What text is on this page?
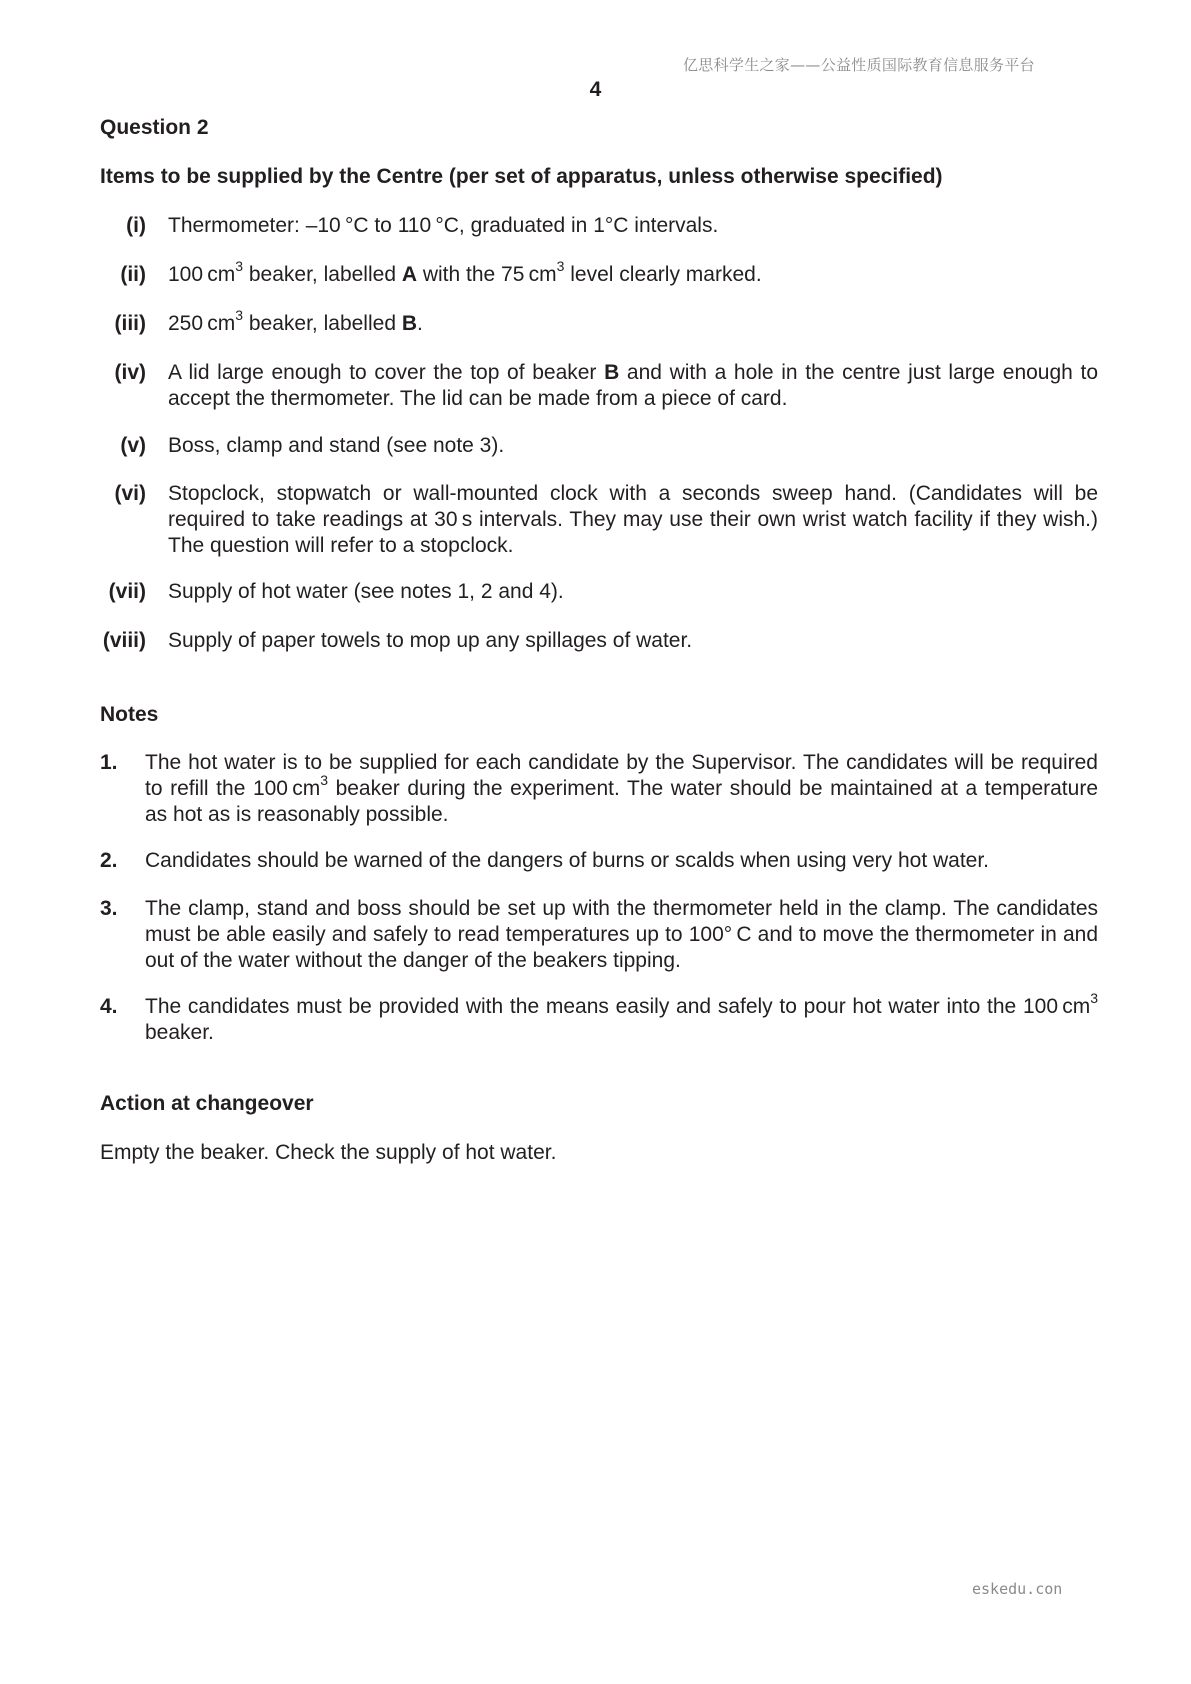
亿思科学生之家——公益性质国际教育信息服务平台
4
Question 2
Items to be supplied by the Centre (per set of apparatus, unless otherwise specified)
(i) Thermometer: –10 °C to 110 °C, graduated in 1°C intervals.
(ii) 100 $cm^3$ beaker, labelled A with the 75 $cm^3$ level clearly marked.
(iii) 250 $cm^3$ beaker, labelled B.
(iv) A lid large enough to cover the top of beaker B and with a hole in the centre just large enough to accept the thermometer. The lid can be made from a piece of card.
(v) Boss, clamp and stand (see note 3).
(vi) Stopclock, stopwatch or wall-mounted clock with a seconds sweep hand. (Candidates will be required to take readings at 30 s intervals. They may use their own wrist watch facility if they wish.) The question will refer to a stopclock.
(vii) Supply of hot water (see notes 1, 2 and 4).
(viii) Supply of paper towels to mop up any spillages of water.
Notes
1. The hot water is to be supplied for each candidate by the Supervisor. The candidates will be required to refill the 100 $cm^3$ beaker during the experiment. The water should be maintained at a temperature as hot as is reasonably possible.
2. Candidates should be warned of the dangers of burns or scalds when using very hot water.
3. The clamp, stand and boss should be set up with the thermometer held in the clamp. The candidates must be able easily and safely to read temperatures up to 100° C and to move the thermometer in and out of the water without the danger of the beakers tipping.
4. The candidates must be provided with the means easily and safely to pour hot water into the 100 $cm^3$ beaker.
Action at changeover
Empty the beaker. Check the supply of hot water.
eskedu.con
